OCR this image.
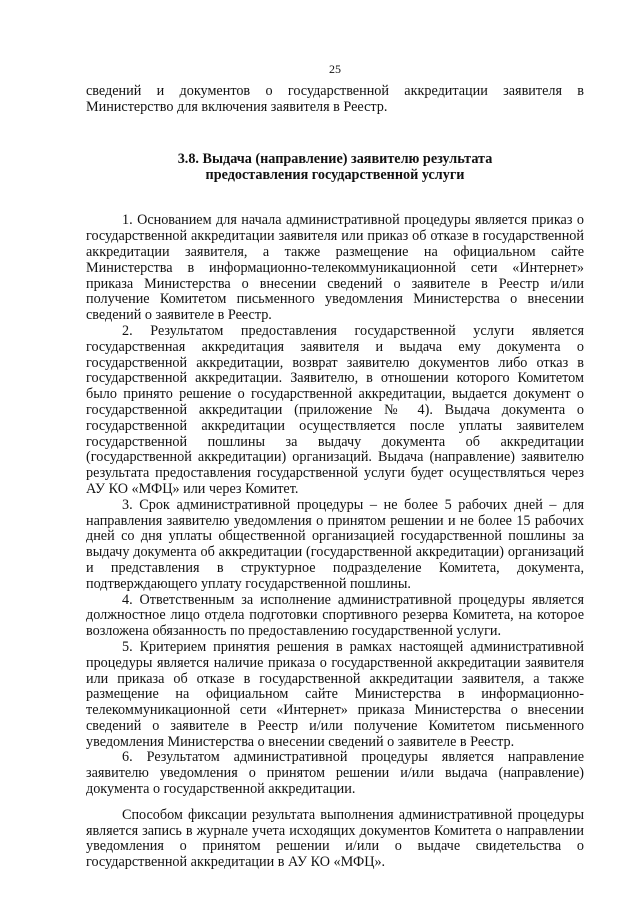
25

сведений и документов о государственной аккредитации заявителя в Министерство для включения заявителя в Реестр.

3.8. Выдача (направление) заявителю результата предоставления государственной услуги

1. Основанием для начала административной процедуры является приказ о государственной аккредитации заявителя или приказ об отказе в государственной аккредитации заявителя, а также размещение на официальном сайте Министерства в информационно-телекоммуникационной сети «Интернет» приказа Министерства о внесении сведений о заявителе в Реестр и/или получение Комитетом письменного уведомления Министерства о внесении сведений о заявителе в Реестр.

2. Результатом предоставления государственной услуги является государственная аккредитация заявителя и выдача ему документа о государственной аккредитации, возврат заявителю документов либо отказ в государственной аккредитации. Заявителю, в отношении которого Комитетом было принято решение о государственной аккредитации, выдается документ о государственной аккредитации (приложение № 4). Выдача документа о государственной аккредитации осуществляется после уплаты заявителем государственной пошлины за выдачу документа об аккредитации (государственной аккредитации) организаций. Выдача (направление) заявителю результата предоставления государственной услуги будет осуществляться через АУ КО «МФЦ» или через Комитет.

3. Срок административной процедуры – не более 5 рабочих дней – для направления заявителю уведомления о принятом решении и не более 15 рабочих дней со дня уплаты общественной организацией государственной пошлины за выдачу документа об аккредитации (государственной аккредитации) организаций и представления в структурное подразделение Комитета, документа, подтверждающего уплату государственной пошлины.

4. Ответственным за исполнение административной процедуры является должностное лицо отдела подготовки спортивного резерва Комитета, на которое возложена обязанность по предоставлению государственной услуги.

5. Критерием принятия решения в рамках настоящей административной процедуры является наличие приказа о государственной аккредитации заявителя или приказа об отказе в государственной аккредитации заявителя, а также размещение на официальном сайте Министерства в информационно-телекоммуникационной сети «Интернет» приказа Министерства о внесении сведений о заявителе в Реестр и/или получение Комитетом письменного уведомления Министерства о внесении сведений о заявителе в Реестр.

6. Результатом административной процедуры является направление заявителю уведомления о принятом решении и/или выдача (направление) документа о государственной аккредитации.

Способом фиксации результата выполнения административной процедуры является запись в журнале учета исходящих документов Комитета о направлении уведомления о принятом решении и/или о выдаче свидетельства о государственной аккредитации в АУ КО «МФЦ».
